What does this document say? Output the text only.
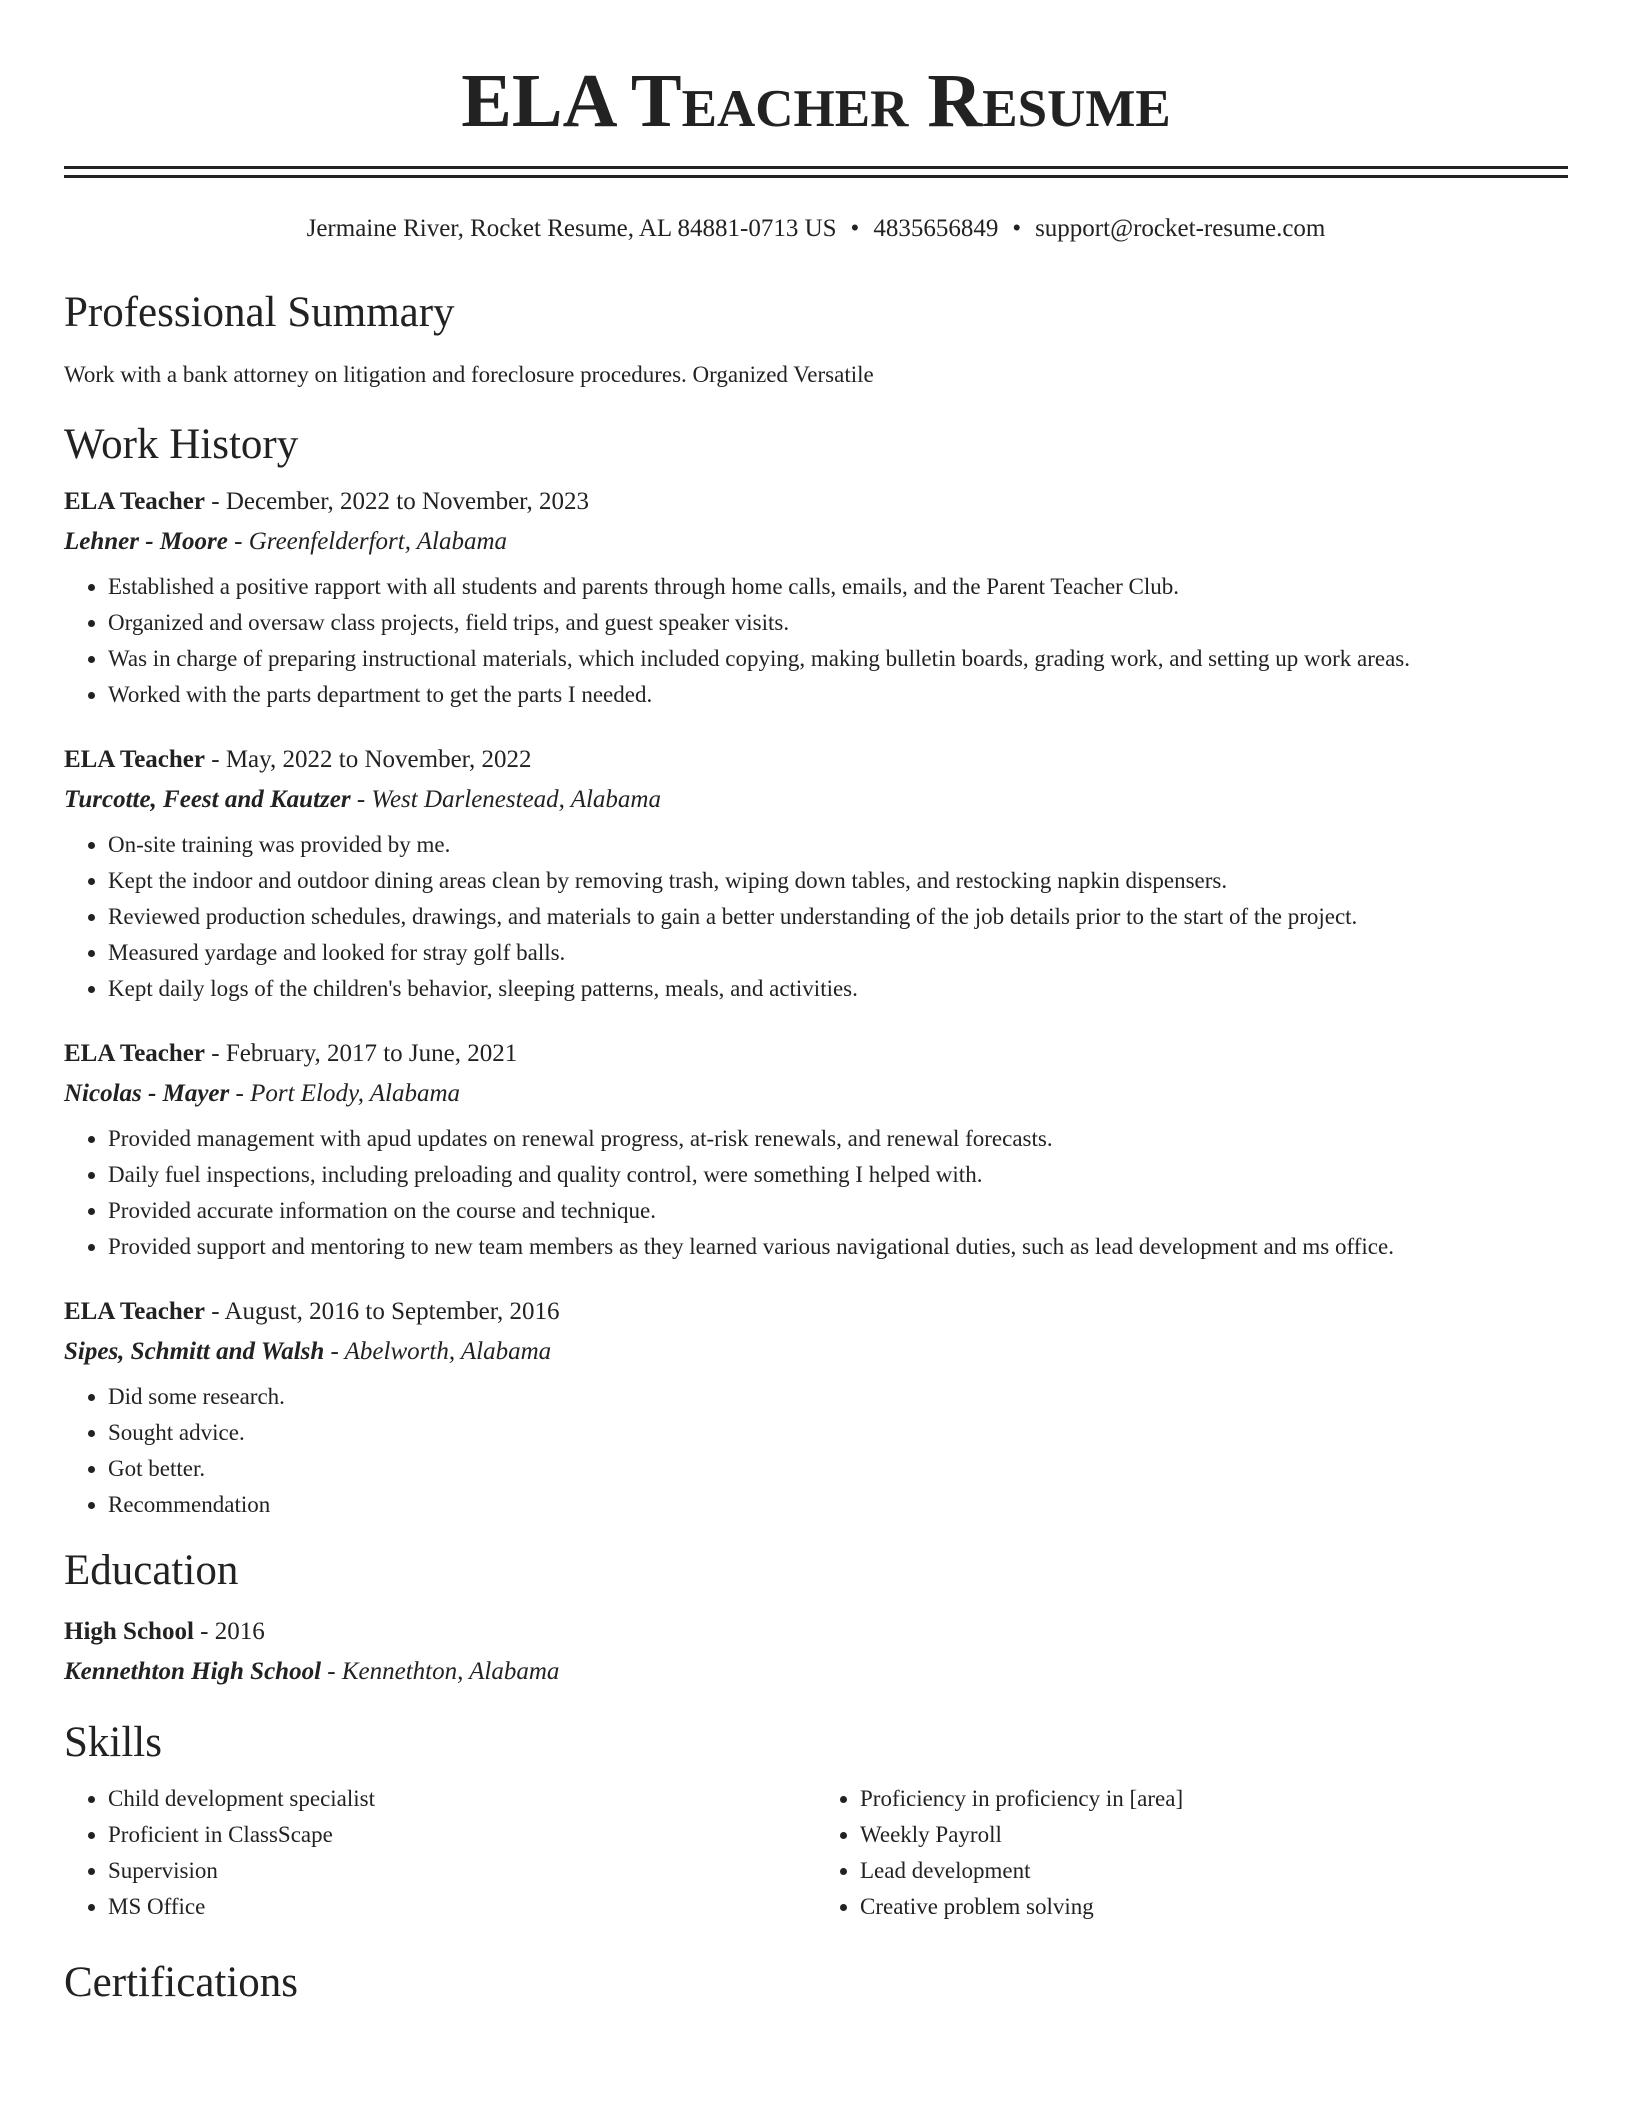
ELA Teacher Resume
Jermaine River, Rocket Resume, AL 84881-0713 US • 4835656849 • support@rocket-resume.com
Professional Summary
Work with a bank attorney on litigation and foreclosure procedures. Organized Versatile
Work History
ELA Teacher - December, 2022 to November, 2023
Lehner - Moore - Greenfelderfort, Alabama
• Established a positive rapport with all students and parents through home calls, emails, and the Parent Teacher Club.
• Organized and oversaw class projects, field trips, and guest speaker visits.
• Was in charge of preparing instructional materials, which included copying, making bulletin boards, grading work, and setting up work areas.
• Worked with the parts department to get the parts I needed.
ELA Teacher - May, 2022 to November, 2022
Turcotte, Feest and Kautzer - West Darlenestead, Alabama
• On-site training was provided by me.
• Kept the indoor and outdoor dining areas clean by removing trash, wiping down tables, and restocking napkin dispensers.
• Reviewed production schedules, drawings, and materials to gain a better understanding of the job details prior to the start of the project.
• Measured yardage and looked for stray golf balls.
• Kept daily logs of the children's behavior, sleeping patterns, meals, and activities.
ELA Teacher - February, 2017 to June, 2021
Nicolas - Mayer - Port Elody, Alabama
• Provided management with apud updates on renewal progress, at-risk renewals, and renewal forecasts.
• Daily fuel inspections, including preloading and quality control, were something I helped with.
• Provided accurate information on the course and technique.
• Provided support and mentoring to new team members as they learned various navigational duties, such as lead development and ms office.
ELA Teacher - August, 2016 to September, 2016
Sipes, Schmitt and Walsh - Abelworth, Alabama
• Did some research.
• Sought advice.
• Got better.
• Recommendation
Education
High School - 2016
Kennethton High School - Kennethton, Alabama
Skills
• Child development specialist
• Proficient in ClassScape
• Supervision
• MS Office
• Proficiency in proficiency in [area]
• Weekly Payroll
• Lead development
• Creative problem solving
Certifications
